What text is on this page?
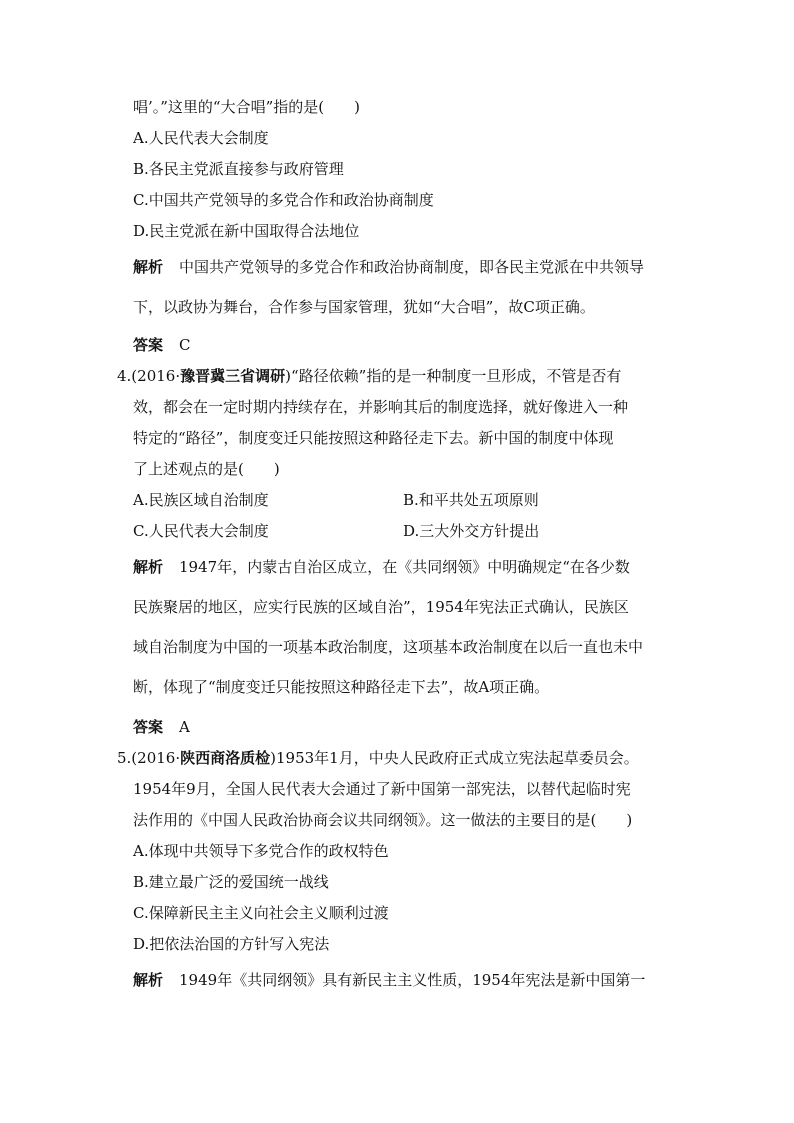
唱’。”这里的“大合唱”指的是(　　)
A.人民代表大会制度
B.各民主党派直接参与政府管理
C.中国共产党领导的多党合作和政治协商制度
D.民主党派在新中国取得合法地位
解析 中国共产党领导的多党合作和政治协商制度，即各民主党派在中共领导
下，以政协为舞台，合作参与国家管理，犹如“大合唱”，故C项正确。
答案 C
4.(2016·豫晋冀三省调研)“路径依赖”指的是一种制度一旦形成，不管是否有
效，都会在一定时期内持续存在，并影响其后的制度选择，就好像进入一种
特定的“路径”，制度变迁只能按照这种路径走下去。新中国的制度中体现
了上述观点的是(　　)
A.民族区域自治制度	B.和平共处五项原则
C.人民代表大会制度	D.三大外交方针提出
解析 1947年，内蒙古自治区成立，在《共同纲领》中明确规定“在各少数
民族聚居的地区，应实行民族的区域自治”，1954年宪法正式确认，民族区
域自治制度为中国的一项基本政治制度，这项基本政治制度在以后一直也未中
断，体现了“制度变迁只能按照这种路径走下去”，故A项正确。
答案 A
5.(2016·陕西商洛质检)1953年1月，中央人民政府正式成立宪法起草委员会。
1954年9月，全国人民代表大会通过了新中国第一部宪法，以替代起临时宪
法作用的《中国人民政治协商会议共同纲领》。这一做法的主要目的是(　　)
A.体现中共领导下多党合作的政权特色
B.建立最广泛的爱国统一战线
C.保障新民主主义向社会主义顺利过渡
D.把依法治国的方针写入宪法
解析 1949年《共同纲领》具有新民主主义性质，1954年宪法是新中国第一
